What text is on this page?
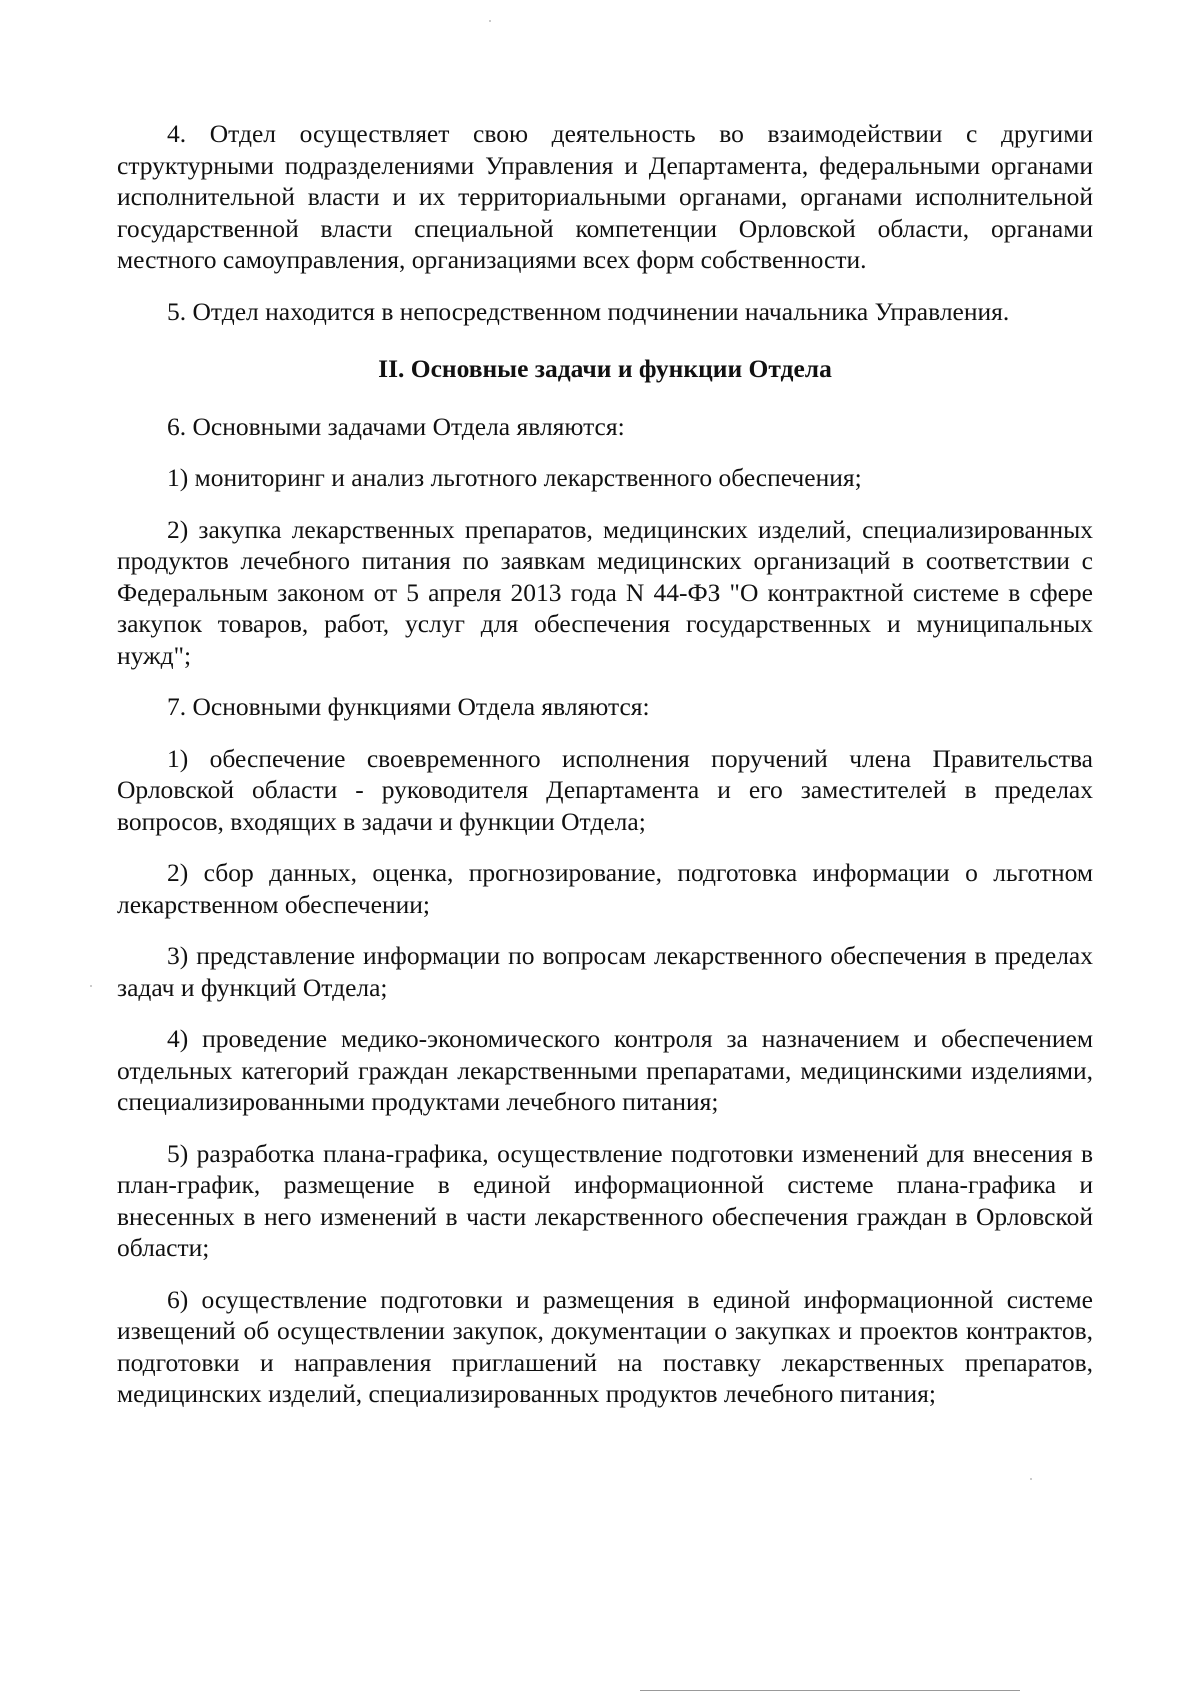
4. Отдел осуществляет свою деятельность во взаимодействии с другими структурными подразделениями Управления и Департамента, федеральными органами исполнительной власти и их территориальными органами, органами исполнительной государственной власти специальной компетенции Орловской области, органами местного самоуправления, организациями всех форм собственности.

5. Отдел находится в непосредственном подчинении начальника Управления.

II. Основные задачи и функции Отдела

6. Основными задачами Отдела являются:

1) мониторинг и анализ льготного лекарственного обеспечения;

2) закупка лекарственных препаратов, медицинских изделий, специализированных продуктов лечебного питания по заявкам медицинских организаций в соответствии с Федеральным законом от 5 апреля 2013 года N 44-ФЗ "О контрактной системе в сфере закупок товаров, работ, услуг для обеспечения государственных и муниципальных нужд";

7. Основными функциями Отдела являются:

1) обеспечение своевременного исполнения поручений члена Правительства Орловской области - руководителя Департамента и его заместителей в пределах вопросов, входящих в задачи и функции Отдела;

2) сбор данных, оценка, прогнозирование, подготовка информации о льготном лекарственном обеспечении;

3) представление информации по вопросам лекарственного обеспечения в пределах задач и функций Отдела;

4) проведение медико-экономического контроля за назначением и обеспечением отдельных категорий граждан лекарственными препаратами, медицинскими изделиями, специализированными продуктами лечебного питания;

5) разработка плана-графика, осуществление подготовки изменений для внесения в план-график, размещение в единой информационной системе плана-графика и внесенных в него изменений в части лекарственного обеспечения граждан в Орловской области;

6) осуществление подготовки и размещения в единой информационной системе извещений об осуществлении закупок, документации о закупках и проектов контрактов, подготовки и направления приглашений на поставку лекарственных препаратов, медицинских изделий, специализированных продуктов лечебного питания;
